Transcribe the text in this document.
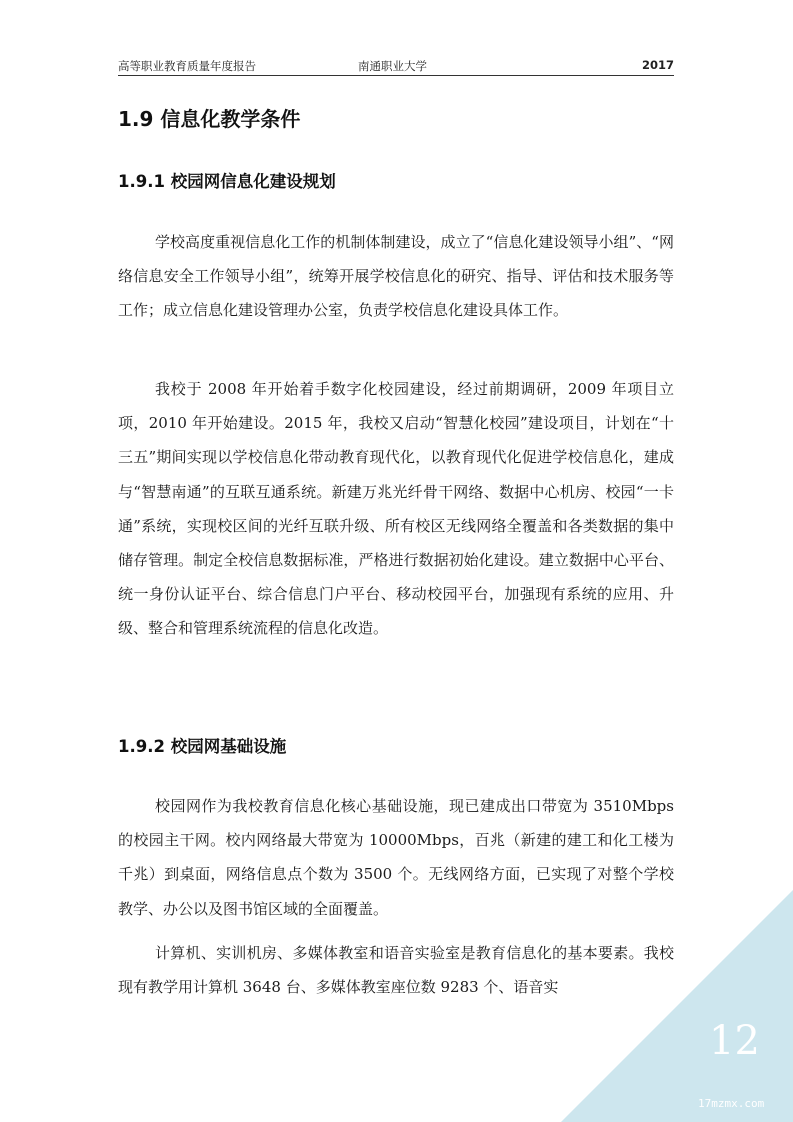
高等职业教育质量年度报告	南通职业大学	2017
1.9 信息化教学条件
1.9.1 校园网信息化建设规划

学校高度重视信息化工作的机制体制建设，成立了“信息化建设领导小组”、“网络信息安全工作领导小组”，统筹开展学校信息化的研究、指导、评估和技术服务等工作；成立信息化建设管理办公室，负责学校信息化建设具体工作。

我校于 2008 年开始着手数字化校园建设，经过前期调研，2009 年项目立项，2010 年开始建设。2015 年，我校又启动“智慧化校园”建设项目，计划在“十三五”期间实现以学校信息化带动教育现代化，以教育现代化促进学校信息化，建成与“智慧南通”的互联互通系统。新建万兆光纤骨干网络、数据中心机房、校园“一卡通”系统，实现校区间的光纤互联升级、所有校区无线网络全覆盖和各类数据的集中储存管理。制定全校信息数据标准，严格进行数据初始化建设。建立数据中心平台、统一身份认证平台、综合信息门户平台、移动校园平台，加强现有系统的应用、升级、整合和管理系统流程的信息化改造。

1.9.2 校园网基础设施

校园网作为我校教育信息化核心基础设施，现已建成出口带宽为 3510Mbps 的校园主干网。校内网络最大带宽为 10000Mbps，百兆（新建的建工和化工楼为千兆）到桌面，网络信息点个数为 3500 个。无线网络方面，已实现了对整个学校教学、办公以及图书馆区域的全面覆盖。

计算机、实训机房、多媒体教室和语音实验室是教育信息化的基本要素。我校现有教学用计算机 3648 台、多媒体教室座位数 9283 个、语音实

12
17mzmx.com
